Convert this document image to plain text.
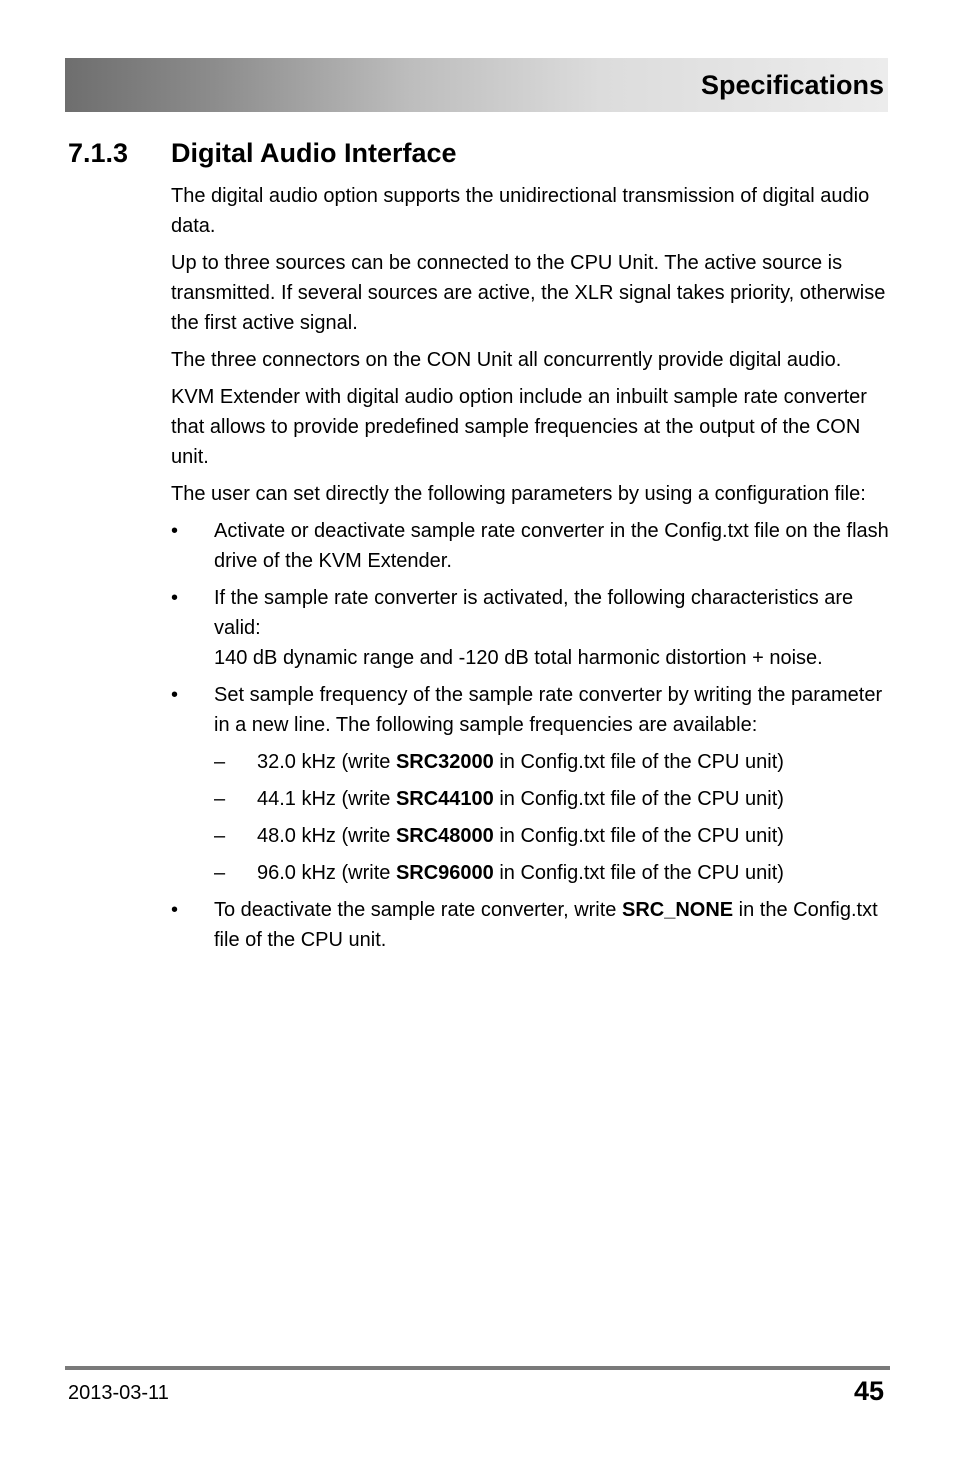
Specifications
7.1.3 Digital Audio Interface

The digital audio option supports the unidirectional transmission of digital audio data.

Up to three sources can be connected to the CPU Unit. The active source is transmitted. If several sources are active, the XLR signal takes priority, otherwise the first active signal.

The three connectors on the CON Unit all concurrently provide digital audio.

KVM Extender with digital audio option include an inbuilt sample rate converter that allows to provide predefined sample frequencies at the output of the CON unit.

The user can set directly the following parameters by using a configuration file:

•	Activate or deactivate sample rate converter in the Config.txt file on the flash drive of the KVM Extender.
•	If the sample rate converter is activated, the following characteristics are valid:
140 dB dynamic range and -120 dB total harmonic distortion + noise.
•	Set sample frequency of the sample rate converter by writing the parameter in a new line. The following sample frequencies are available:
– 32.0 kHz (write SRC32000 in Config.txt file of the CPU unit)
– 44.1 kHz (write SRC44100 in Config.txt file of the CPU unit)
– 48.0 kHz (write SRC48000 in Config.txt file of the CPU unit)
– 96.0 kHz (write SRC96000 in Config.txt file of the CPU unit)
•	To deactivate the sample rate converter, write SRC_NONE in the Config.txt file of the CPU unit.
2013-03-11	45
